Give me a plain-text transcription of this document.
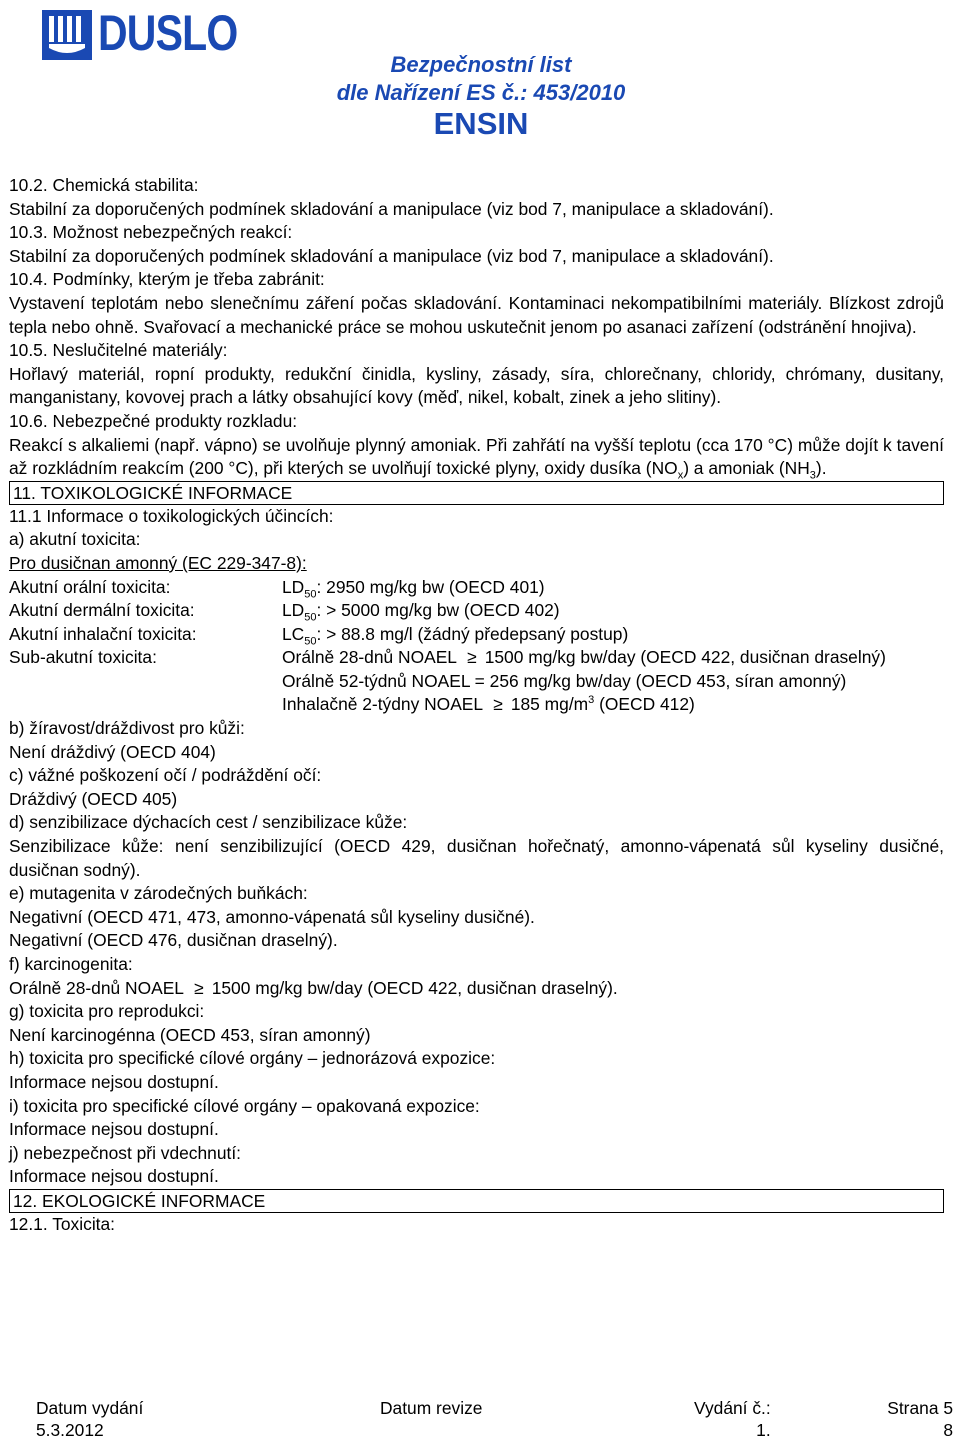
DUSLO
Bezpečnostní list
dle Nařízení ES č.: 453/2010
ENSIN

10.2. Chemická stabilita:

Stabilní za doporučených podmínek skladování a manipulace (viz bod 7, manipulace a skladování).

10.3. Možnost nebezpečných reakcí:

Stabilní za doporučených podmínek skladování a manipulace (viz bod 7, manipulace a skladování).

10.4. Podmínky, kterým je třeba zabránit:

Vystavení teplotám nebo slenečnímu záření počas skladování. Kontaminaci nekompatibilními materiály. Blízkost zdrojů tepla nebo ohně. Svařovací a mechanické práce se mohou uskutečnit jenom po asanaci zařízení (odstránění hnojiva).

10.5. Neslučitelné materiály:

Hořlavý materiál, ropní produkty, redukční činidla, kysliny, zásady, síra, chlorečnany, chloridy, chrómany, dusitany, manganistany, kovovej prach a látky obsahující kovy (měď, nikel, kobalt, zinek a jeho slitiny).

10.6. Nebezpečné produkty rozkladu:

Reakcí s alkaliemi (např. vápno) se uvolňuje plynný amoniak. Při zahřátí na vyšší teplotu (cca 170 °C) může dojít k tavení až rozkládním reakcím (200 °C), při kterých se uvolňují toxické plyny, oxidy dusíka $(NO_x)$ a amoniak $(NH_3)$.

11. TOXIKOLOGICKÉ INFORMACE

11.1 Informace o toxikologických účincích:

a) akutní toxicita:

Pro dusičnan amonný (EC 229-347-8):

Akutní orální toxicita:	$LD_{50}$: 2950 mg/kg bw (OECD 401)
Akutní dermální toxicita:	$LD_{50}$: > 5000 mg/kg bw (OECD 402)
Akutní inhalační toxicita:	$LC_{50}$: > 88.8 mg/l (žádný předepsaný postup)
Sub-akutní toxicita:	Orálně 28-dnů NOAEL ≥ 1500 mg/kg bw/day (OECD 422, dusičnan draselný)

Orálně 52-týdnů NOAEL = 256 mg/kg bw/day (OECD 453, síran amonný)

Inhalačně 2-týdny NOAEL ≥ 185 $mg/m^3$ (OECD 412)

b) žíravost/dráždivost pro kůži:

Není dráždivý (OECD 404)

c) vážné poškození očí / podráždění očí:

Dráždivý (OECD 405)

d) senzibilizace dýchacích cest / senzibilizace kůže:

Senzibilizace kůže: není senzibilizující (OECD 429, dusičnan hořečnatý, amonno-vápenatá sůl kyseliny dusičné, dusičnan sodný).

e) mutagenita v zárodečných buňkách:

Negativní (OECD 471, 473, amonno-vápenatá sůl kyseliny dusičné).

Negativní (OECD 476, dusičnan draselný).

f) karcinogenita:

Orálně 28-dnů NOAEL ≥ 1500 mg/kg bw/day (OECD 422, dusičnan draselný).

g) toxicita pro reprodukci:

Není karcinogénna (OECD 453, síran amonný)

h) toxicita pro specifické cílové orgány – jednorázová expozice:

Informace nejsou dostupní.

i) toxicita pro specifické cílové orgány – opakovaná expozice:

Informace nejsou dostupní.

j) nebezpečnost při vdechnutí:

Informace nejsou dostupní.

12. EKOLOGICKÉ INFORMACE

12.1. Toxicita:

Datum vydání
5.3.2012
Datum revize	Vydání č.:
1.
Strana 5
8
